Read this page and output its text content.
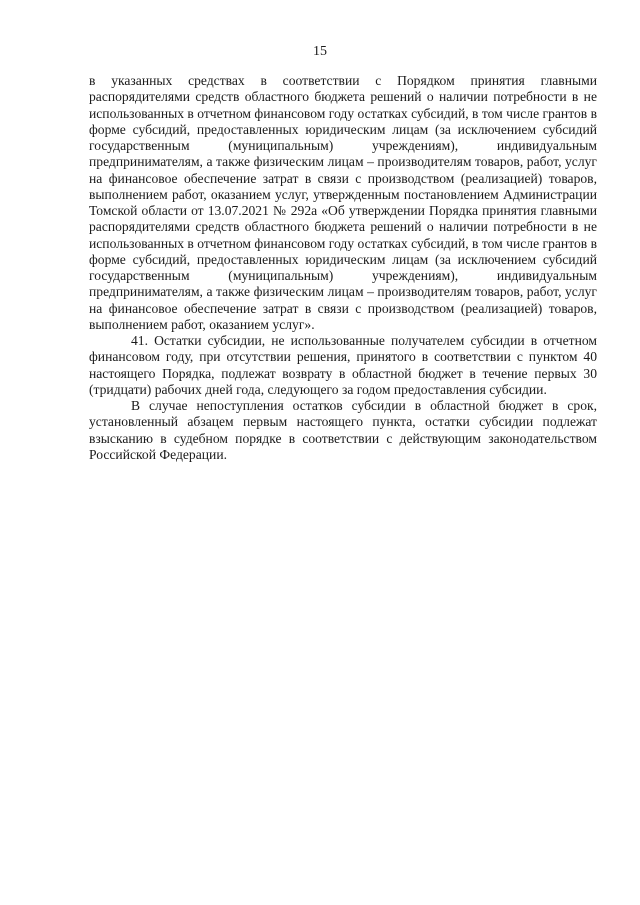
15

в указанных средствах в соответствии с Порядком принятия главными распорядителями средств областного бюджета решений о наличии потребности в не использованных в отчетном финансовом году остатках субсидий, в том числе грантов в форме субсидий, предоставленных юридическим лицам (за исключением субсидий государственным (муниципальным) учреждениям), индивидуальным предпринимателям, а также физическим лицам – производителям товаров, работ, услуг на финансовое обеспечение затрат в связи с производством (реализацией) товаров, выполнением работ, оказанием услуг, утвержденным постановлением Администрации Томской области от 13.07.2021 № 292а «Об утверждении Порядка принятия главными распорядителями средств областного бюджета решений о наличии потребности в не использованных в отчетном финансовом году остатках субсидий, в том числе грантов в форме субсидий, предоставленных юридическим лицам (за исключением субсидий государственным (муниципальным) учреждениям), индивидуальным предпринимателям, а также физическим лицам – производителям товаров, работ, услуг на финансовое обеспечение затрат в связи с производством (реализацией) товаров, выполнением работ, оказанием услуг».

41. Остатки субсидии, не использованные получателем субсидии в отчетном финансовом году, при отсутствии решения, принятого в соответствии с пунктом 40 настоящего Порядка, подлежат возврату в областной бюджет в течение первых 30 (тридцати) рабочих дней года, следующего за годом предоставления субсидии.

В случае непоступления остатков субсидии в областной бюджет в срок, установленный абзацем первым настоящего пункта, остатки субсидии подлежат взысканию в судебном порядке в соответствии с действующим законодательством Российской Федерации.
